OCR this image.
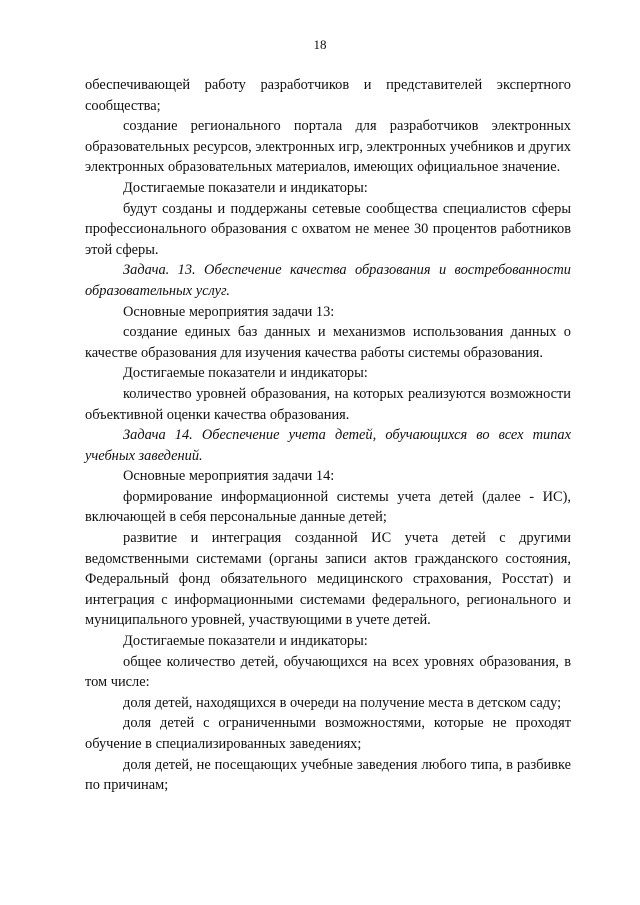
18

обеспечивающей работу разработчиков и представителей экспертного сообщества;

создание регионального портала для разработчиков электронных образовательных ресурсов, электронных игр, электронных учебников и других электронных образовательных материалов, имеющих официальное значение.

Достигаемые показатели и индикаторы:

будут созданы и поддержаны сетевые сообщества специалистов сферы профессионального образования с охватом не менее 30 процентов работников этой сферы.

Задача. 13. Обеспечение качества образования и востребованности образовательных услуг.

Основные мероприятия задачи 13:

создание единых баз данных и механизмов использования данных о качестве образования для изучения качества работы системы образования.

Достигаемые показатели и индикаторы:

количество уровней образования, на которых реализуются возможности объективной оценки качества образования.

Задача 14. Обеспечение учета детей, обучающихся во всех типах учебных заведений.

Основные мероприятия задачи 14:

формирование информационной системы учета детей (далее - ИС), включающей в себя персональные данные детей;

развитие и интеграция созданной ИС учета детей с другими ведомственными системами (органы записи актов гражданского состояния, Федеральный фонд обязательного медицинского страхования, Росстат) и интеграция с информационными системами федерального, регионального и муниципального уровней, участвующими в учете детей.

Достигаемые показатели и индикаторы:

общее количество детей, обучающихся на всех уровнях образования, в том числе:

доля детей, находящихся в очереди на получение места в детском саду;

доля детей с ограниченными возможностями, которые не проходят обучение в специализированных заведениях;

доля детей, не посещающих учебные заведения любого типа, в разбивке по причинам;
